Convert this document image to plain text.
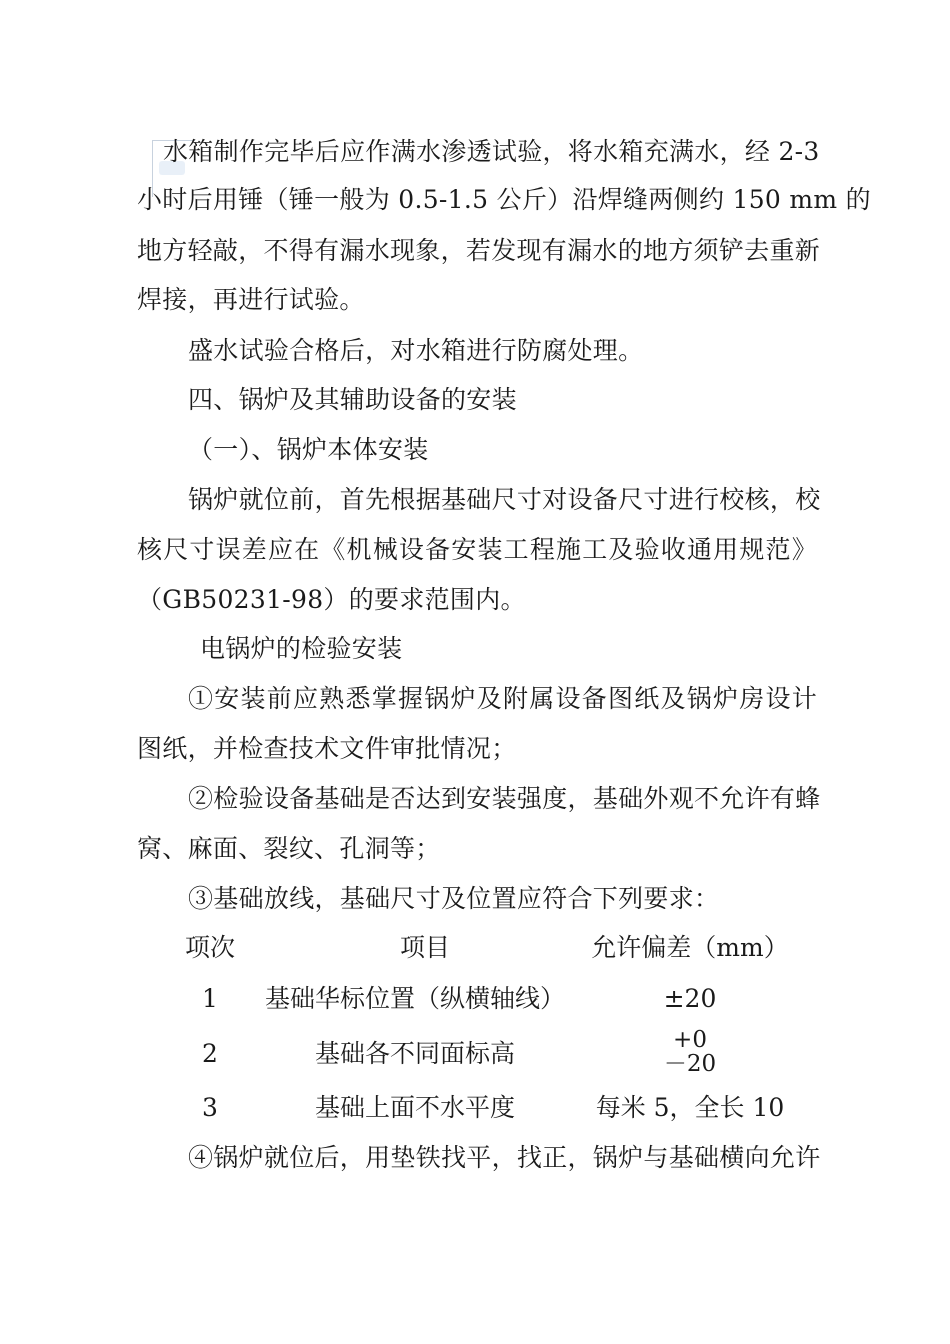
水箱制作完毕后应作满水渗透试验，将水箱充满水，经 2-3
小时后用锤（锤一般为 0.5-1.5 公斤）沿焊缝两侧约 150 mm 的
地方轻敲，不得有漏水现象，若发现有漏水的地方须铲去重新
焊接，再进行试验。
盛水试验合格后，对水箱进行防腐处理。
四、锅炉及其辅助设备的安装
（一）、锅炉本体安装
锅炉就位前，首先根据基础尺寸对设备尺寸进行校核，校
核尺寸误差应在《机械设备安装工程施工及验收通用规范》
（GB50231-98）的要求范围内。
电锅炉的检验安装
①安装前应熟悉掌握锅炉及附属设备图纸及锅炉房设计
图纸，并检查技术文件审批情况；
②检验设备基础是否达到安装强度，基础外观不允许有蜂
窝、麻面、裂纹、孔洞等；
③基础放线，基础尺寸及位置应符合下列要求：
项次	项目	允许偏差（mm）
1	基础华标位置（纵横轴线）	±20
2	基础各不同面标高	+0
－20
3	基础上面不水平度	每米 5，全长 10
④锅炉就位后，用垫铁找平，找正，锅炉与基础横向允许
